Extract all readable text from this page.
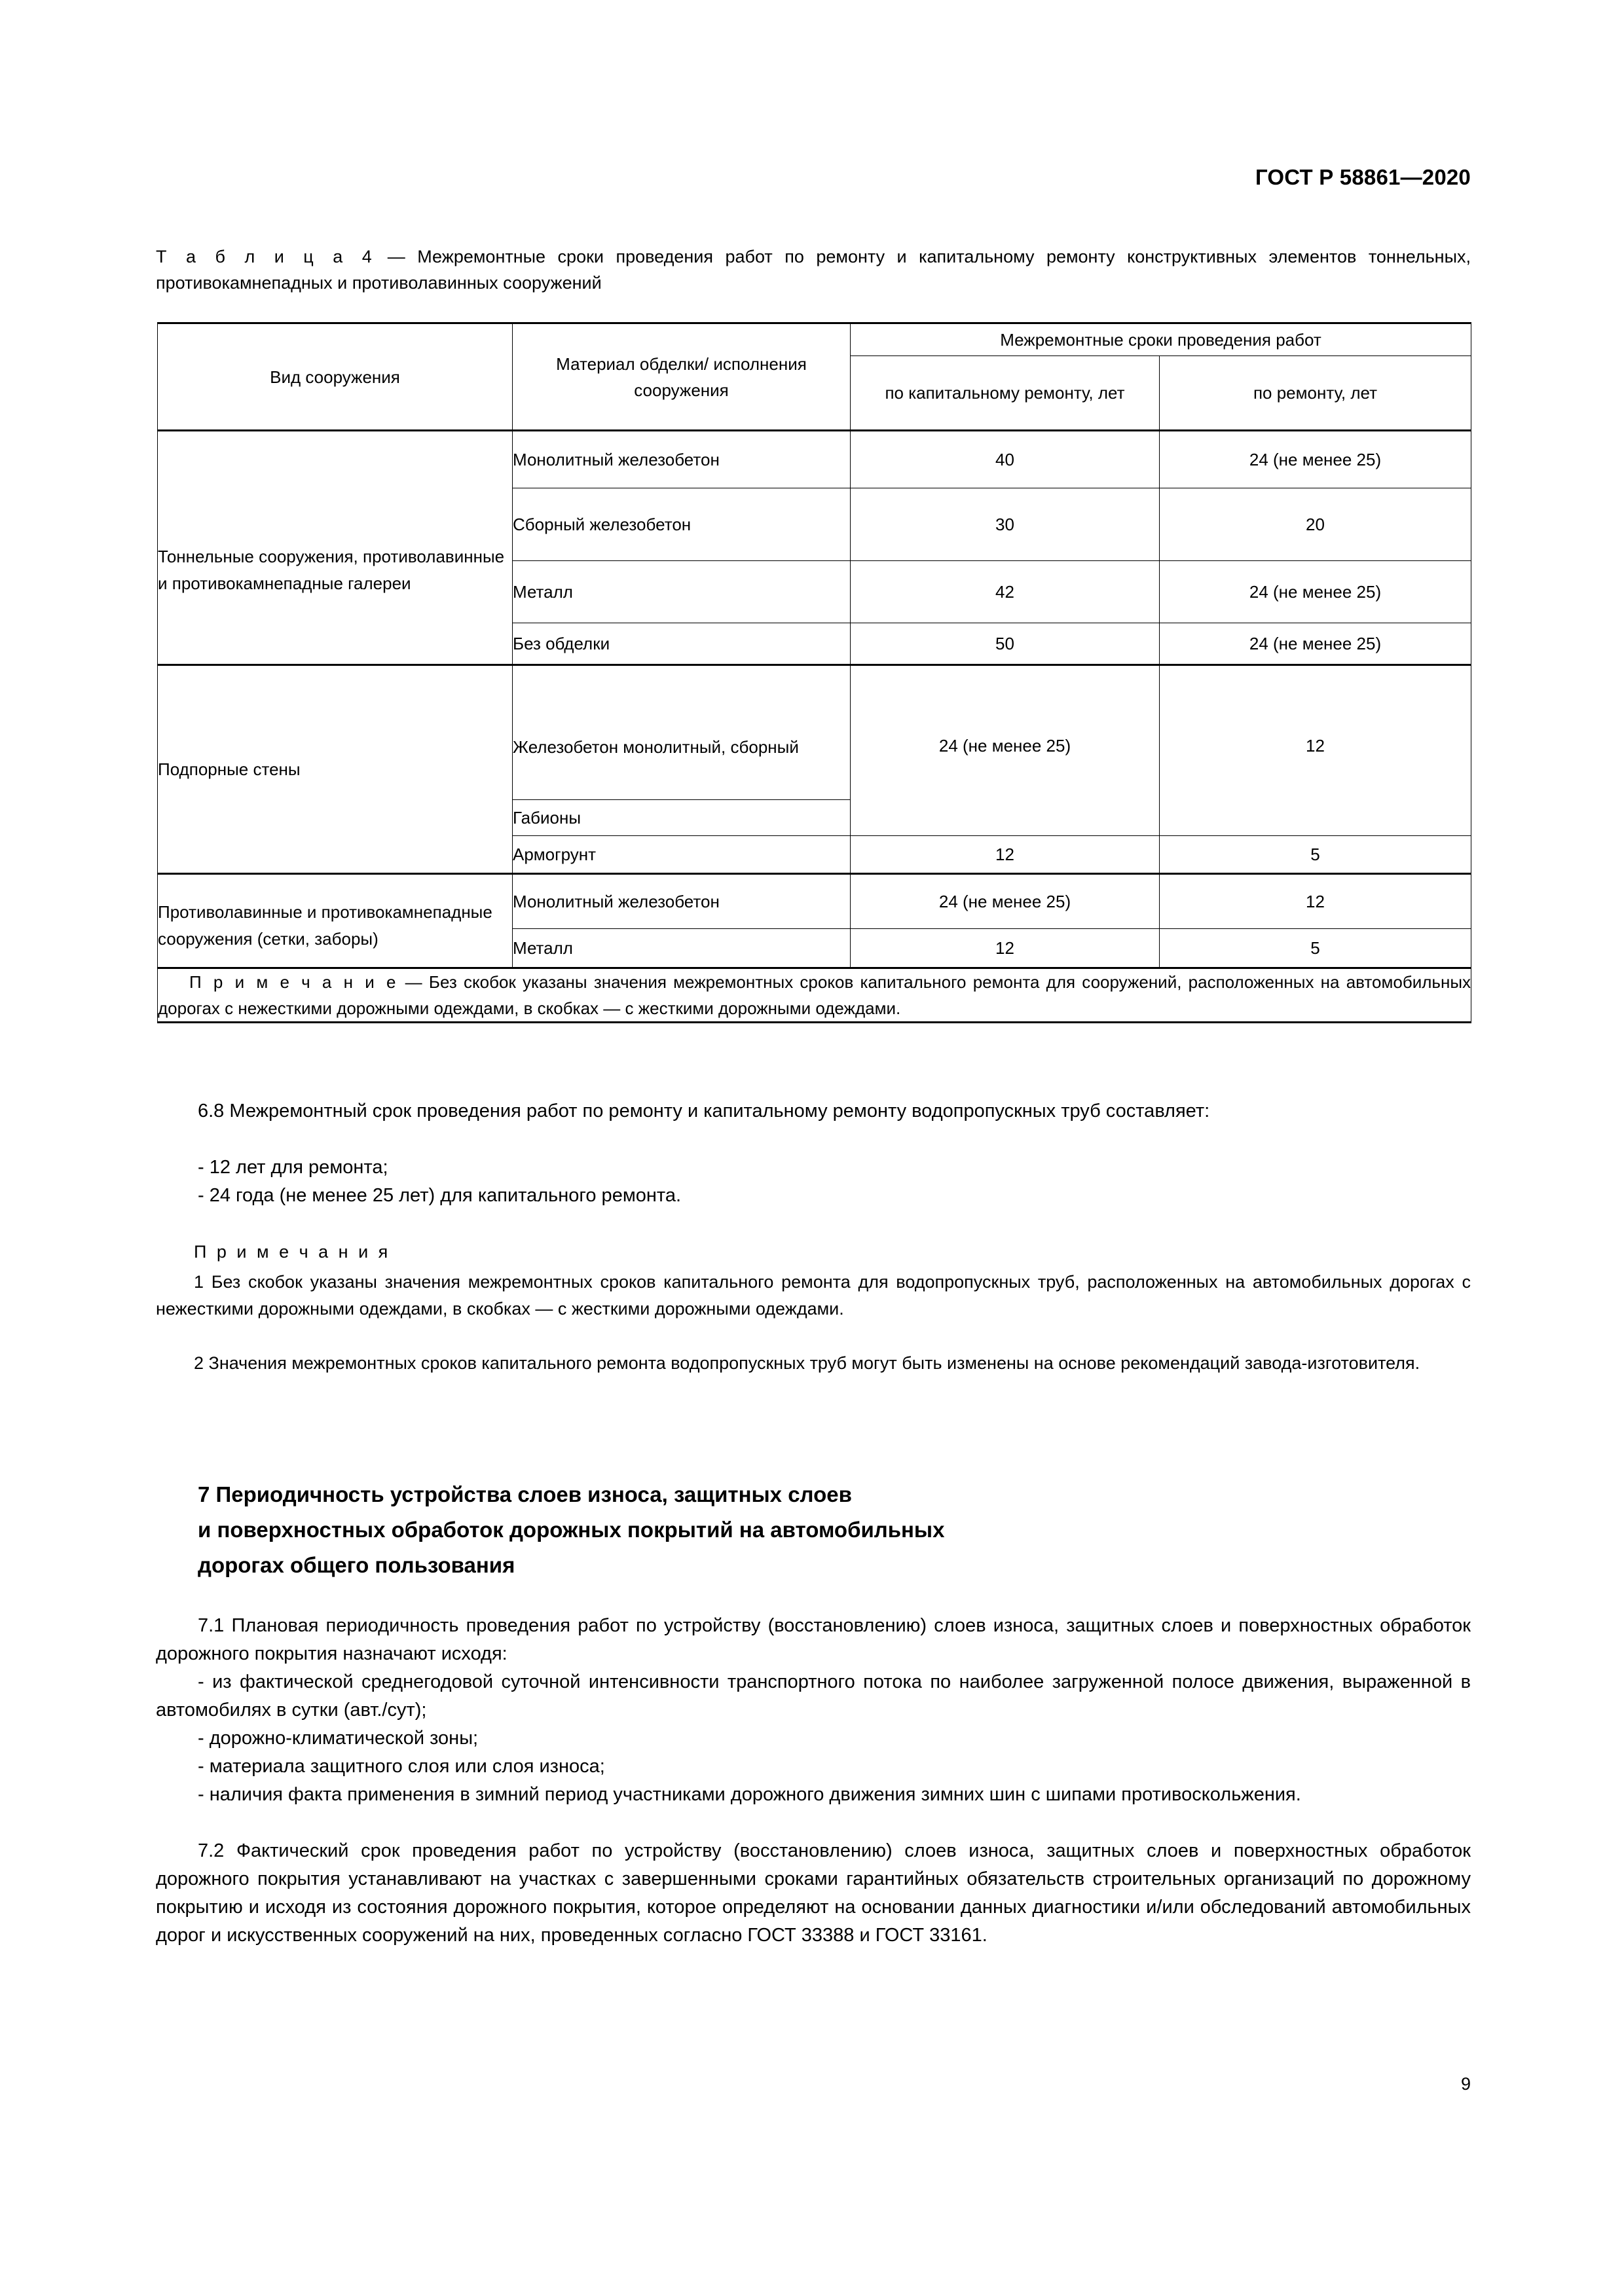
ГОСТ Р 58861—2020
Т а б л и ц а 4 — Межремонтные сроки проведения работ по ремонту и капитальному ремонту конструктивных элементов тоннельных, противокамнепадных и противолавинных сооружений
Вид сооружения	Материал обделки/ исполнения сооружения	Межремонтные сроки проведения работ	
		по капитальному ремонту, лет	по ремонту, лет
Тоннельные сооружения, противолавинные и противокамнепадные галереи	Монолитный железобетон	40	24 (не менее 25)
	Сборный железобетон	30	20
	Металл	42	24 (не менее 25)
	Без обделки	50	24 (не менее 25)
Подпорные стены	Железобетон монолитный, сборный	24 (не менее 25)	12
	Габионы		
	Армогрунт	12	5
Противолавинные и противокамнепадные сооружения (сетки, заборы)	Монолитный железобетон	24 (не менее 25)	12
	Металл	12	5
П р и м е ч а н и е — Без скобок указаны значения межремонтных сроков капитального ремонта для сооружений, расположенных на автомобильных дорогах с нежесткими дорожными одеждами, в скобках — с жесткими дорожными одеждами.			
6.8 Межремонтный срок проведения работ по ремонту и капитальному ремонту водопропускных труб составляет:
- 12 лет для ремонта;
- 24 года (не менее 25 лет) для капитального ремонта.
П р и м е ч а н и я
1 Без скобок указаны значения межремонтных сроков капитального ремонта для водопропускных труб, расположенных на автомобильных дорогах с нежесткими дорожными одеждами, в скобках — с жесткими дорожными одеждами.
2 Значения межремонтных сроков капитального ремонта водопропускных труб могут быть изменены на основе рекомендаций завода-изготовителя.
7 Периодичность устройства слоев износа, защитных слоев
и поверхностных обработок дорожных покрытий на автомобильных
дорогах общего пользования
7.1 Плановая периодичность проведения работ по устройству (восстановлению) слоев износа, защитных слоев и поверхностных обработок дорожного покрытия назначают исходя:
- из фактической среднегодовой суточной интенсивности транспортного потока по наиболее загруженной полосе движения, выраженной в автомобилях в сутки (авт./сут);
- дорожно-климатической зоны;
- материала защитного слоя или слоя износа;
- наличия факта применения в зимний период участниками дорожного движения зимних шин с шипами противоскольжения.
7.2 Фактический срок проведения работ по устройству (восстановлению) слоев износа, защитных слоев и поверхностных обработок дорожного покрытия устанавливают на участках с завершенными сроками гарантийных обязательств строительных организаций по дорожному покрытию и исходя из состояния дорожного покрытия, которое определяют на основании данных диагностики и/или обследований автомобильных дорог и искусственных сооружений на них, проведенных согласно ГОСТ 33388 и ГОСТ 33161.
9
